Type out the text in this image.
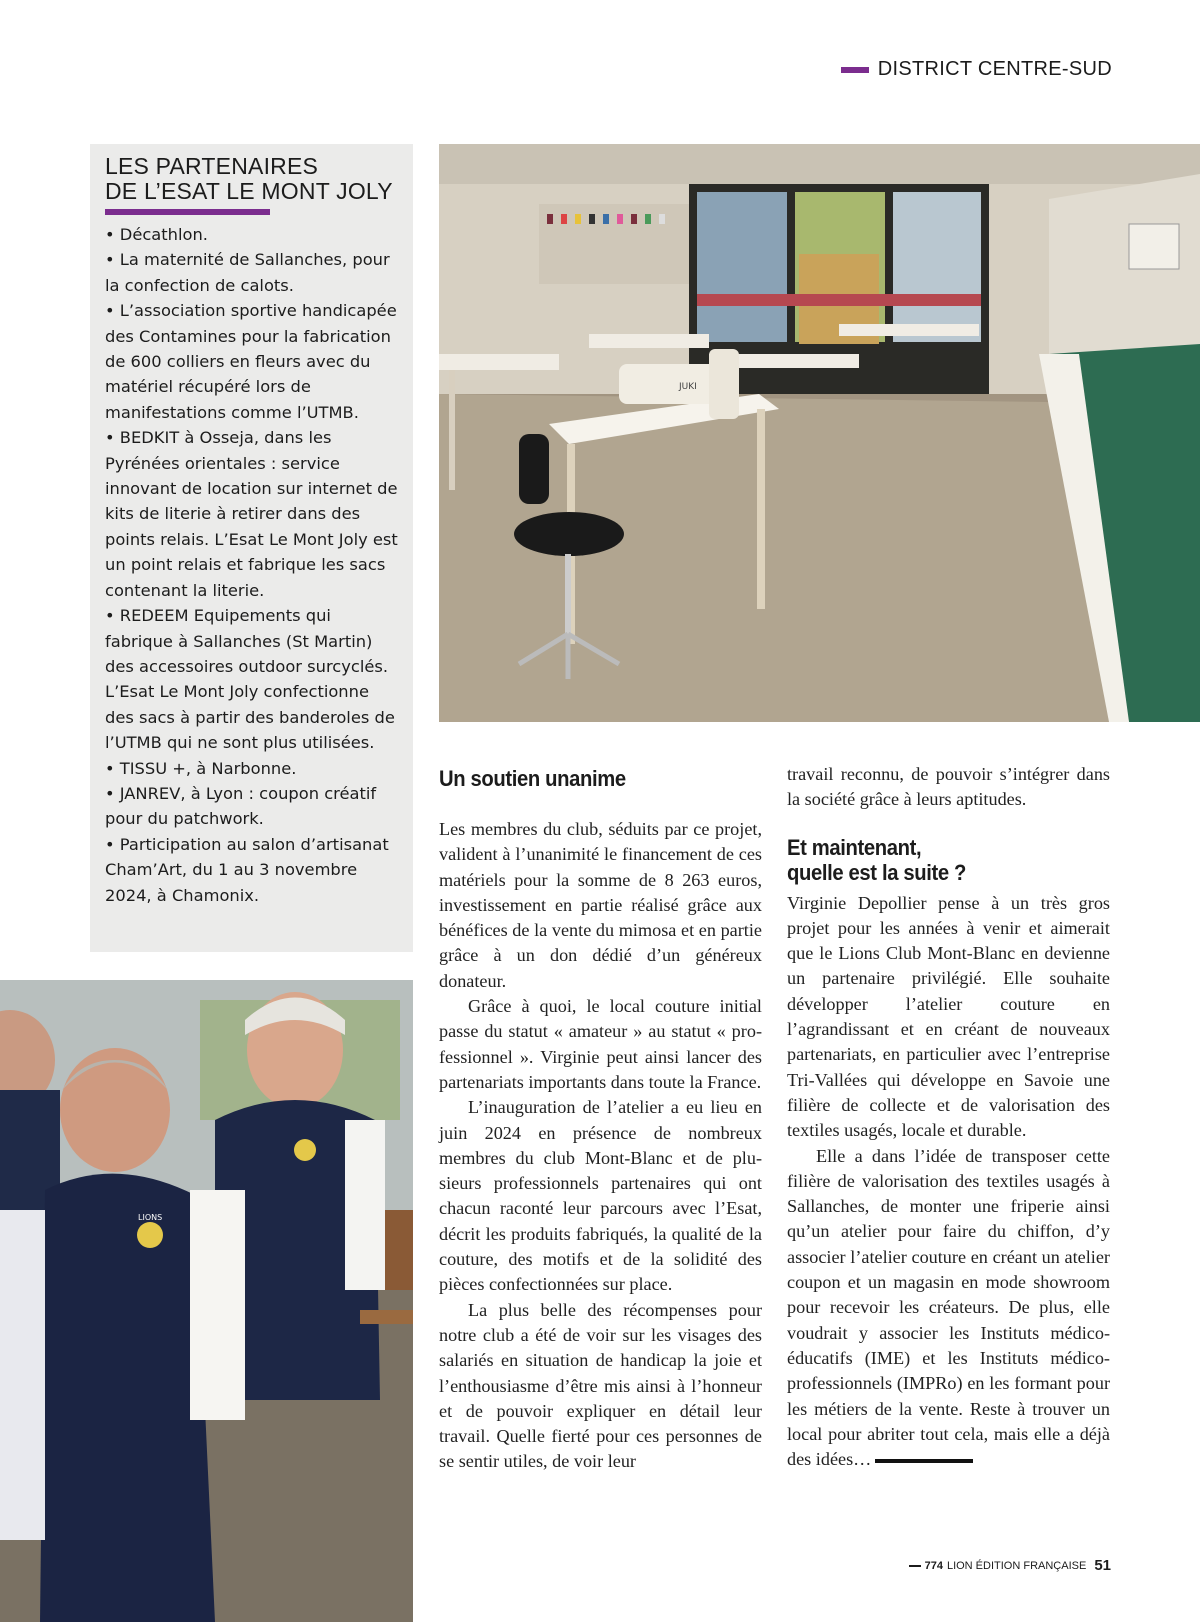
DISTRICT CENTRE-SUD
LES PARTENAIRES
DE L’ESAT LE MONT JOLY
• Décathlon.
• La maternité de Sallanches, pour la confection de calots.
• L’association sportive handicapée des Contamines pour la fabrication de 600 colliers en fleurs avec du matériel récupéré lors de manifestations comme l’UTMB.
• BEDKIT à Osseja, dans les Pyrénées orientales : service innovant de location sur internet de kits de literie à retirer dans des points relais. L’Esat Le Mont Joly est un point relais et fabrique les sacs contenant la literie.
• REDEEM Equipements qui fabrique à Sallanches (St Martin) des accessoires outdoor surcyclés. L’Esat Le Mont Joly confectionne des sacs à partir des banderoles de l’UTMB qui ne sont plus utilisées.
• TISSU +, à Narbonne.
• JANREV, à Lyon : coupon créatif pour du patchwork.
• Participation au salon d’artisanat Cham’Art, du 1 au 3 novembre 2024, à Chamonix.
JUKI
LIONS
Un soutien unanime

Les membres du club, séduits par ce projet, valident à l’unanimité le financement de ces matériels pour la somme de 8 263 euros, investissement en partie réalisé grâce aux bénéfices de la vente du mimosa et en partie grâce à un don dédié d’un généreux donateur.

Grâce à quoi, le local couture initial passe du statut « amateur » au statut « professionnel ». Virginie peut ainsi lancer des partenariats importants dans toute la France.

L’inauguration de l’atelier a eu lieu en juin 2024 en présence de nombreux membres du club Mont-Blanc et de plusieurs professionnels partenaires qui ont chacun raconté leur parcours avec l’Esat, décrit les produits fabriqués, la qualité de la couture, des motifs et de la solidité des pièces confectionnées sur place.

La plus belle des récompenses pour notre club a été de voir sur les visages des salariés en situation de handicap la joie et l’enthousiasme d’être mis ainsi à l’honneur et de pouvoir expliquer en détail leur travail. Quelle fierté pour ces personnes de se sentir utiles, de voir leur

travail reconnu, de pouvoir s’intégrer dans la société grâce à leurs aptitudes.

Et maintenant,
quelle est la suite ?

Virginie Depollier pense à un très gros projet pour les années à venir et aimerait que le Lions Club Mont-Blanc en devienne un partenaire privilégié. Elle souhaite développer l’atelier couture en l’agrandissant et en créant de nouveaux partenariats, en particulier avec l’entreprise Tri-Vallées qui développe en Savoie une filière de collecte et de valorisation des textiles usagés, locale et durable.

Elle a dans l’idée de transposer cette filière de valorisation des textiles usagés à Sallanches, de monter une friperie ainsi qu’un atelier pour faire du chiffon, d’y associer l’atelier couture en créant un atelier coupon et un magasin en mode showroom pour recevoir les créateurs. De plus, elle voudrait y associer les Instituts médico-éducatifs (IME) et les Instituts médico-professionnels (IMPRo) en les formant pour les métiers de la vente. Reste à trouver un local pour abriter tout cela, mais elle a déjà des idées…

774 LION ÉDITION FRANÇAISE 51
